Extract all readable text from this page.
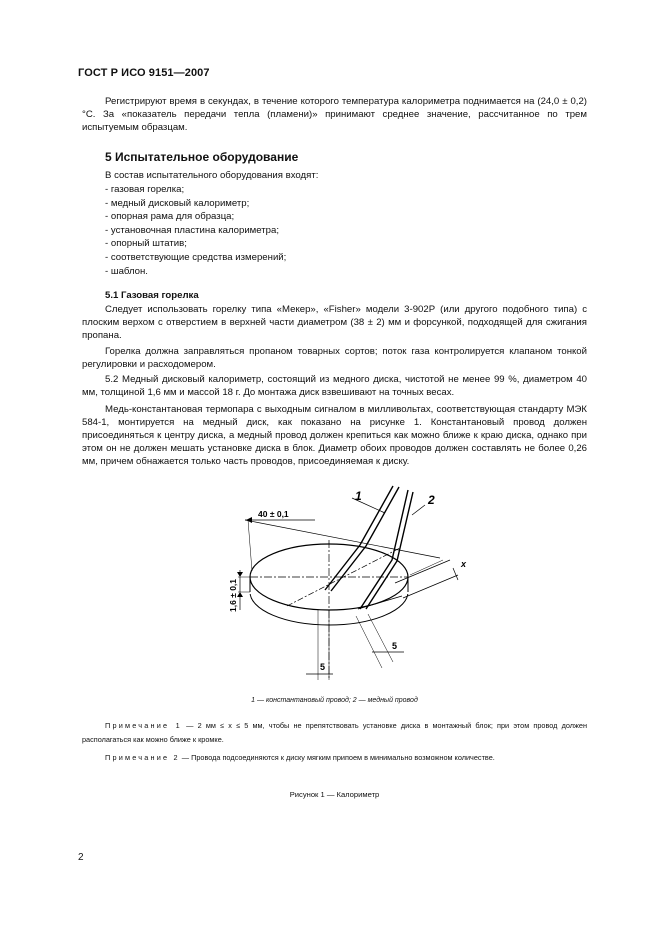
ГОСТ Р ИСО 9151—2007

Регистрируют время в секундах, в течение которого температура калориметра поднимается на (24,0 ± 0,2) °С. За «показатель передачи тепла (пламени)» принимают среднее значение, рассчитанное по трем испытуемым образцам.

5 Испытательное оборудование

В состав испытательного оборудования входят:

- газовая горелка;
- медный дисковый калориметр;
- опорная рама для образца;
- установочная пластина калориметра;
- опорный штатив;
- соответствующие средства измерений;
- шаблон.
5.1 Газовая горелка

Следует использовать горелку типа «Мекер», «Fisher» модели 3-902Р (или другого подобного типа) с плоским верхом с отверстием в верхней части диаметром (38 ± 2) мм и форсункой, подходящей для сжигания пропана.

Горелка должна заправляться пропаном товарных сортов; поток газа контролируется клапаном тонкой регулировки и расходомером.

5.2 Медный дисковый калориметр, состоящий из медного диска, чистотой не менее 99 %, диаметром 40 мм, толщиной 1,6 мм и массой 18 г. До монтажа диск взвешивают на точных весах.

Медь-константановая термопара с выходным сигналом в милливольтах, соответствующая стандарту МЭК 584-1, монтируется на медный диск, как показано на рисунке 1. Константановый провод должен присоединяться к центру диска, а медный провод должен крепиться как можно ближе к краю диска, однако при этом он не должен мешать установке диска в блок. Диаметр обоих проводов должен составлять не более 0,26 мм, причем обнажается только часть проводов, присоединяемая к диску.

40 ± 0,1
1,6 ± 0,1
1	2
5
5
x
1 — константановый провод; 2 — медный провод

Примечание 1 — 2 мм ≤ x ≤ 5 мм, чтобы не препятствовать установке диска в монтажный блок; при этом провод должен располагаться как можно ближе к кромке.

Примечание 2 — Провода подсоединяются к диску мягким припоем в минимально возможном количестве.

Рисунок 1 — Калориметр
2
